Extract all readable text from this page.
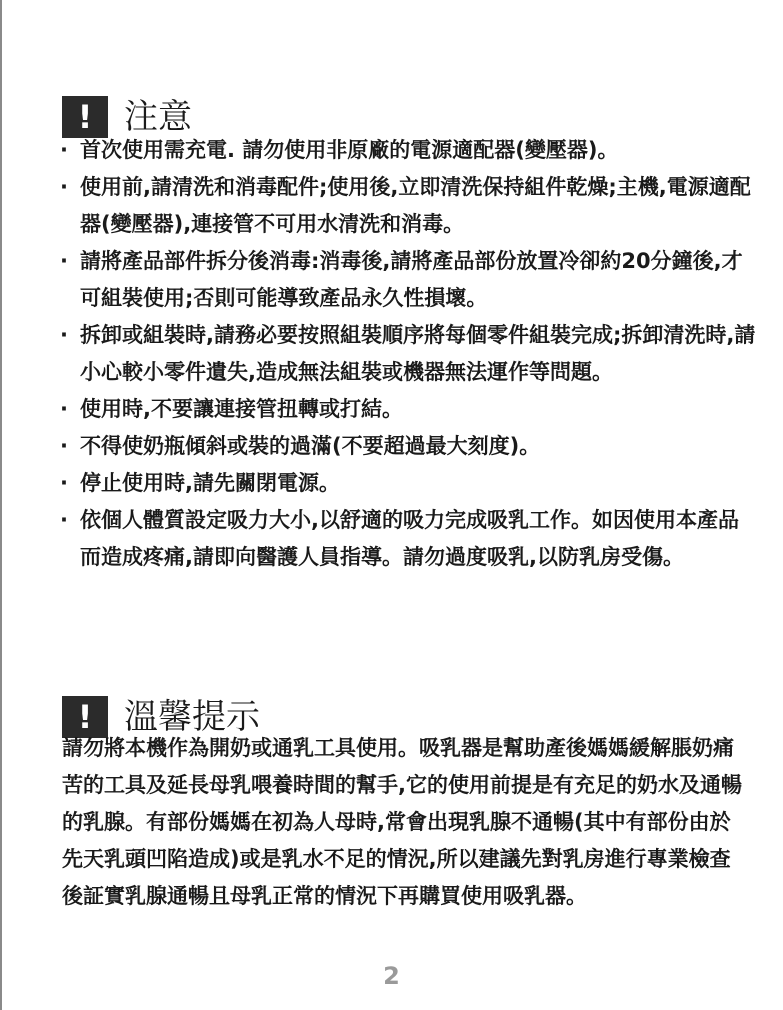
! 注意
· 首次使用需充電. 請勿使用非原廠的電源適配器(變壓器)。
· 使用前,請清洗和消毒配件;使用後,立即清洗保持組件乾燥;主機,電源適配器(變壓器),連接管不可用水清洗和消毒。
· 請將產品部件拆分後消毒:消毒後,請將產品部份放置冷卻約20分鐘後,才可組裝使用;否則可能導致產品永久性損壞。
· 拆卸或組裝時,請務必要按照組裝順序將每個零件組裝完成;拆卸清洗時,請小心較小零件遺失,造成無法組裝或機器無法運作等問題。
· 使用時,不要讓連接管扭轉或打結。
· 不得使奶瓶傾斜或裝的過滿(不要超過最大刻度)。
· 停止使用時,請先關閉電源。
· 依個人體質設定吸力大小,以舒適的吸力完成吸乳工作。如因使用本產品而造成疼痛,請即向醫護人員指導。請勿過度吸乳,以防乳房受傷。
! 溫馨提示

請勿將本機作為開奶或通乳工具使用。吸乳器是幫助產後媽媽緩解脹奶痛苦的工具及延長母乳喂養時間的幫手,它的使用前提是有充足的奶水及通暢的乳腺。有部份媽媽在初為人母時,常會出現乳腺不通暢(其中有部份由於先天乳頭凹陷造成)或是乳水不足的情況,所以建議先對乳房進行專業檢查後証實乳腺通暢且母乳正常的情況下再購買使用吸乳器。

2
